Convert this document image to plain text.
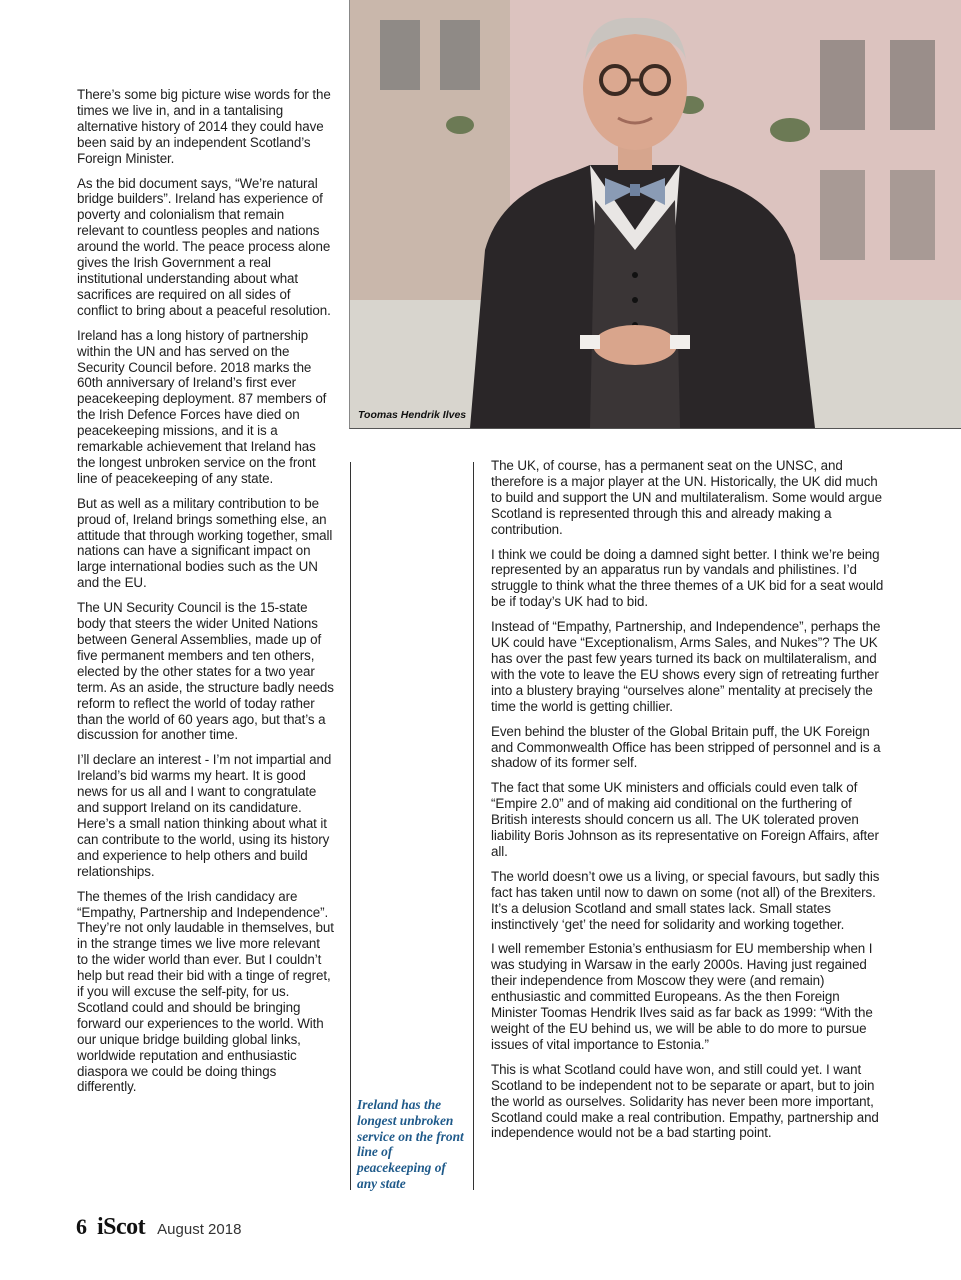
There’s some big picture wise words for the times we live in, and in a tantalising alternative history of 2014 they could have been said by an independent Scotland’s Foreign Minister.

As the bid document says, “We’re natural bridge builders”. Ireland has experience of poverty and colonialism that remain relevant to countless peoples and nations around the world. The peace process alone gives the Irish Government a real institutional understanding about what sacrifices are required on all sides of conflict to bring about a peaceful resolution.

Ireland has a long history of partnership within the UN and has served on the Security Council before. 2018 marks the 60th anniversary of Ireland’s first ever peacekeeping deployment. 87 members of the Irish Defence Forces have died on peacekeeping missions, and it is a remarkable achievement that Ireland has the longest unbroken service on the front line of peacekeeping of any state.

But as well as a military contribution to be proud of, Ireland brings something else, an attitude that through working together, small nations can have a significant impact on large international bodies such as the UN and the EU.

The UN Security Council is the 15-state body that steers the wider United Nations between General Assemblies, made up of five permanent members and ten others, elected by the other states for a two year term. As an aside, the structure badly needs reform to reflect the world of today rather than the world of 60 years ago, but that’s a discussion for another time.

I’ll declare an interest - I’m not impartial and Ireland’s bid warms my heart. It is good news for us all and I want to congratulate and support Ireland on its candidature. Here’s a small nation thinking about what it can contribute to the world, using its history and experience to help others and build relationships.

The themes of the Irish candidacy are “Empathy, Partnership and Independence”. They’re not only laudable in themselves, but in the strange times we live more relevant to the wider world than ever. But I couldn’t help but read their bid with a tinge of regret, if you will excuse the self-pity, for us. Scotland could and should be bringing forward our experiences to the world. With our unique bridge building global links, worldwide reputation and enthusiastic diaspora we could be doing things differently.

Toomas Hendrik Ilves
Ireland has the longest unbroken service on the front line of peacekeeping of any state

The UK, of course, has a permanent seat on the UNSC, and therefore is a major player at the UN. Historically, the UK did much to build and support the UN and multilateralism. Some would argue Scotland is represented through this and already making a contribution.

I think we could be doing a damned sight better. I think we’re being represented by an apparatus run by vandals and philistines. I’d struggle to think what the three themes of a UK bid for a seat would be if today’s UK had to bid.

Instead of “Empathy, Partnership, and Independence”, perhaps the UK could have “Exceptionalism, Arms Sales, and Nukes”? The UK has over the past few years turned its back on multilateralism, and with the vote to leave the EU shows every sign of retreating further into a blustery braying “ourselves alone” mentality at precisely the time the world is getting chillier.

Even behind the bluster of the Global Britain puff, the UK Foreign and Commonwealth Office has been stripped of personnel and is a shadow of its former self.

The fact that some UK ministers and officials could even talk of “Empire 2.0” and of making aid conditional on the furthering of British interests should concern us all. The UK tolerated proven liability Boris Johnson as its representative on Foreign Affairs, after all.

The world doesn’t owe us a living, or special favours, but sadly this fact has taken until now to dawn on some (not all) of the Brexiters. It’s a delusion Scotland and small states lack. Small states instinctively ‘get’ the need for solidarity and working together.

I well remember Estonia’s enthusiasm for EU membership when I was studying in Warsaw in the early 2000s. Having just regained their independence from Moscow they were (and remain) enthusiastic and committed Europeans. As the then Foreign Minister Toomas Hendrik Ilves said as far back as 1999: “With the weight of the EU behind us, we will be able to do more to pursue issues of vital importance to Estonia.”

This is what Scotland could have won, and still could yet. I want Scotland to be independent not to be separate or apart, but to join the world as ourselves. Solidarity has never been more important, Scotland could make a real contribution. Empathy, partnership and independence would not be a bad starting point.

6 iScot August 2018
